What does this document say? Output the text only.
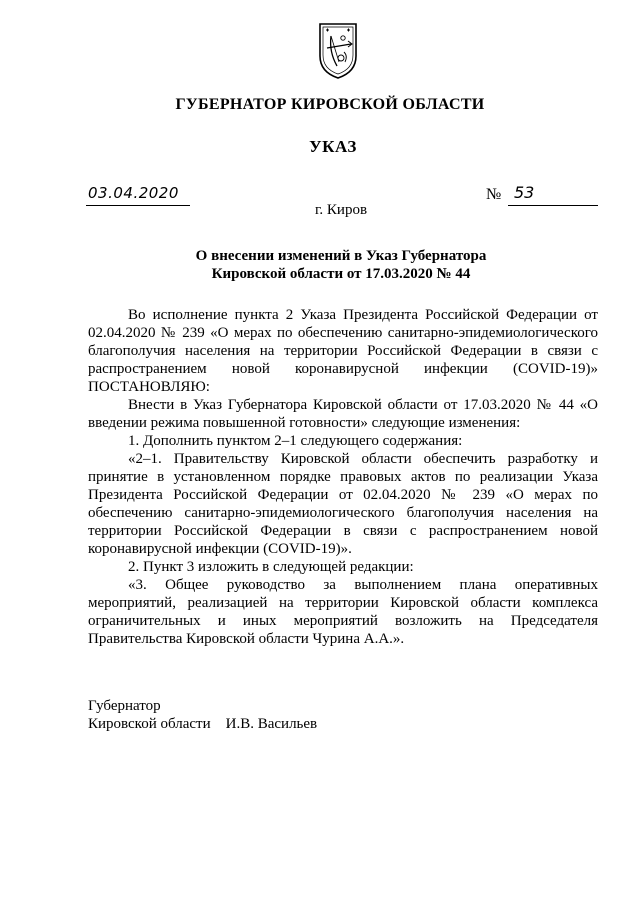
ГУБЕРНАТОР КИРОВСКОЙ ОБЛАСТИ
УКАЗ
03.04.2020	№ 53
г. Киров
О внесении изменений в Указ Губернатора
Кировской области от 17.03.2020 № 44

Во исполнение пункта 2 Указа Президента Российской Федерации от 02.04.2020 № 239 «О мерах по обеспечению санитарно-эпидемиологического благополучия населения на территории Российской Федерации в связи с распространением новой коронавирусной инфекции (COVID-19)» ПОСТАНОВЛЯЮ:

Внести в Указ Губернатора Кировской области от 17.03.2020 № 44 «О введении режима повышенной готовности» следующие изменения:

1. Дополнить пунктом 2–1 следующего содержания:

«2–1. Правительству Кировской области обеспечить разработку и принятие в установленном порядке правовых актов по реализации Указа Президента Российской Федерации от 02.04.2020 № 239 «О мерах по обеспечению санитарно-эпидемиологического благополучия населения на территории Российской Федерации в связи с распространением новой коронавирусной инфекции (COVID-19)».

2. Пункт 3 изложить в следующей редакции:

«3. Общее руководство за выполнением плана оперативных мероприятий, реализацией на территории Кировской области комплекса ограничительных и иных мероприятий возложить на Председателя Правительства Кировской области Чурина А.А.».

Губернатор
Кировской области И.В. Васильев
